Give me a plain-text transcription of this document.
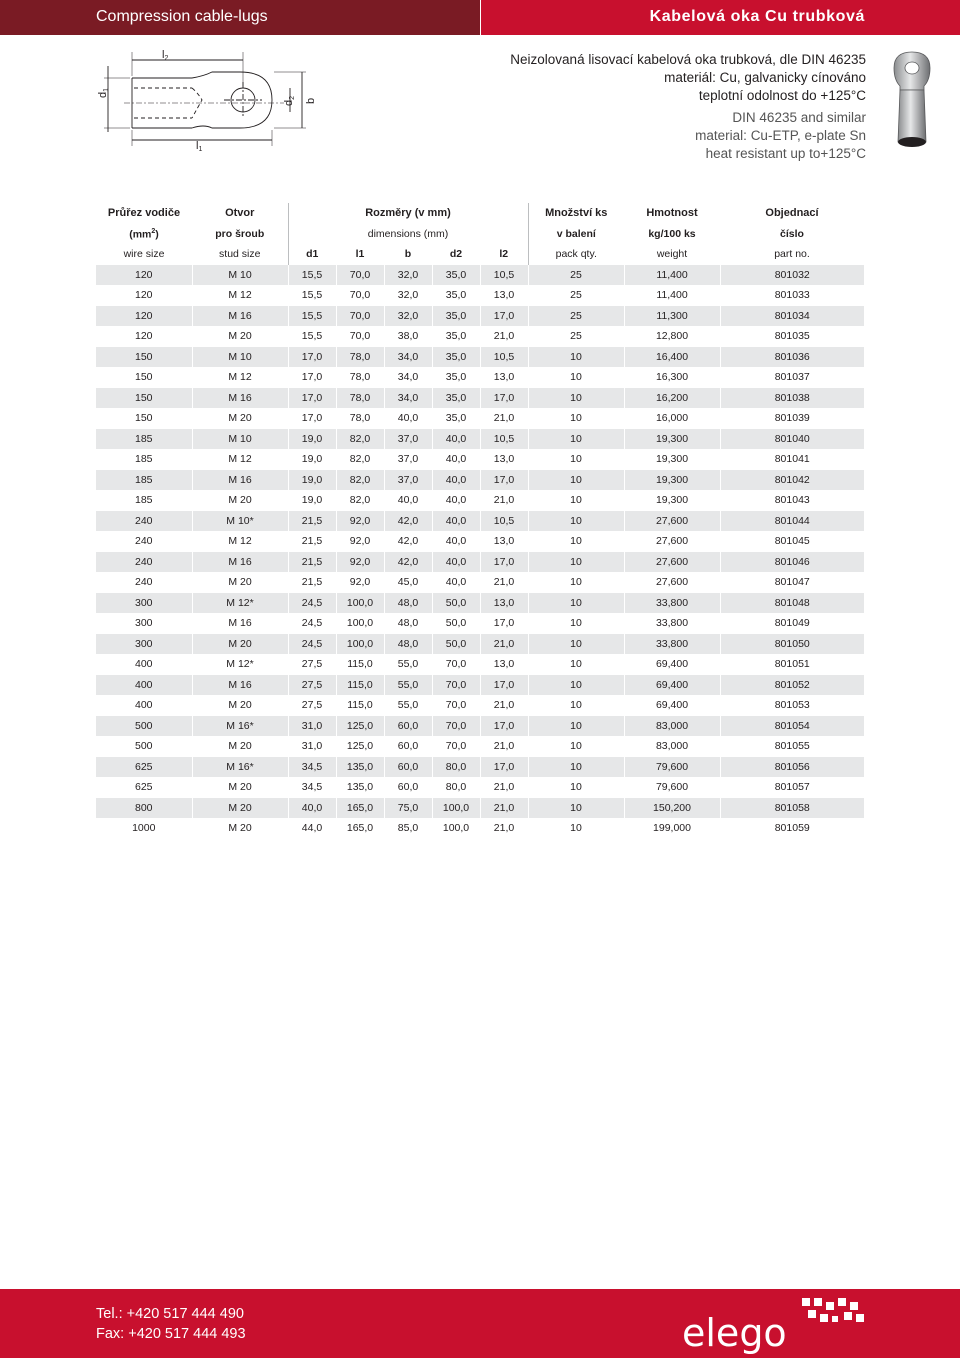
Compression cable-lugs	Kabelová oka Cu trubková
l2
l1
d1
d2 b
Neizolovaná lisovací kabelová oka trubková, dle DIN 46235
materiál: Cu, galvanicky cínováno
teplotní odolnost do +125°C
DIN 46235 and similar
material: Cu-ETP, e-plate Sn
heat resistant up to+125°C
Průřez vodiče	Otvor	Rozměry (v mm)					Množství ks	Hmotnost	Objednací
$(mm^2)$	pro šroub	dimensions (mm)					v balení	kg/100 ks	číslo
wire size	stud size	d1	l1	b	d2	l2	pack qty.	weight	part no.
120	M 10	15,5	70,0	32,0	35,0	10,5	25	11,400	801032
120	M 12	15,5	70,0	32,0	35,0	13,0	25	11,400	801033
120	M 16	15,5	70,0	32,0	35,0	17,0	25	11,300	801034
120	M 20	15,5	70,0	38,0	35,0	21,0	25	12,800	801035
150	M 10	17,0	78,0	34,0	35,0	10,5	10	16,400	801036
150	M 12	17,0	78,0	34,0	35,0	13,0	10	16,300	801037
150	M 16	17,0	78,0	34,0	35,0	17,0	10	16,200	801038
150	M 20	17,0	78,0	40,0	35,0	21,0	10	16,000	801039
185	M 10	19,0	82,0	37,0	40,0	10,5	10	19,300	801040
185	M 12	19,0	82,0	37,0	40,0	13,0	10	19,300	801041
185	M 16	19,0	82,0	37,0	40,0	17,0	10	19,300	801042
185	M 20	19,0	82,0	40,0	40,0	21,0	10	19,300	801043
240	M 10*	21,5	92,0	42,0	40,0	10,5	10	27,600	801044
240	M 12	21,5	92,0	42,0	40,0	13,0	10	27,600	801045
240	M 16	21,5	92,0	42,0	40,0	17,0	10	27,600	801046
240	M 20	21,5	92,0	45,0	40,0	21,0	10	27,600	801047
300	M 12*	24,5	100,0	48,0	50,0	13,0	10	33,800	801048
300	M 16	24,5	100,0	48,0	50,0	17,0	10	33,800	801049
300	M 20	24,5	100,0	48,0	50,0	21,0	10	33,800	801050
400	M 12*	27,5	115,0	55,0	70,0	13,0	10	69,400	801051
400	M 16	27,5	115,0	55,0	70,0	17,0	10	69,400	801052
400	M 20	27,5	115,0	55,0	70,0	21,0	10	69,400	801053
500	M 16*	31,0	125,0	60,0	70,0	17,0	10	83,000	801054
500	M 20	31,0	125,0	60,0	70,0	21,0	10	83,000	801055
625	M 16*	34,5	135,0	60,0	80,0	17,0	10	79,600	801056
625	M 20	34,5	135,0	60,0	80,0	21,0	10	79,600	801057
800	M 20	40,0	165,0	75,0	100,0	21,0	10	150,200	801058
1000	M 20	44,0	165,0	85,0	100,0	21,0	10	199,000	801059
Tel.: +420 517 444 490
Fax: +420 517 444 493	elego
